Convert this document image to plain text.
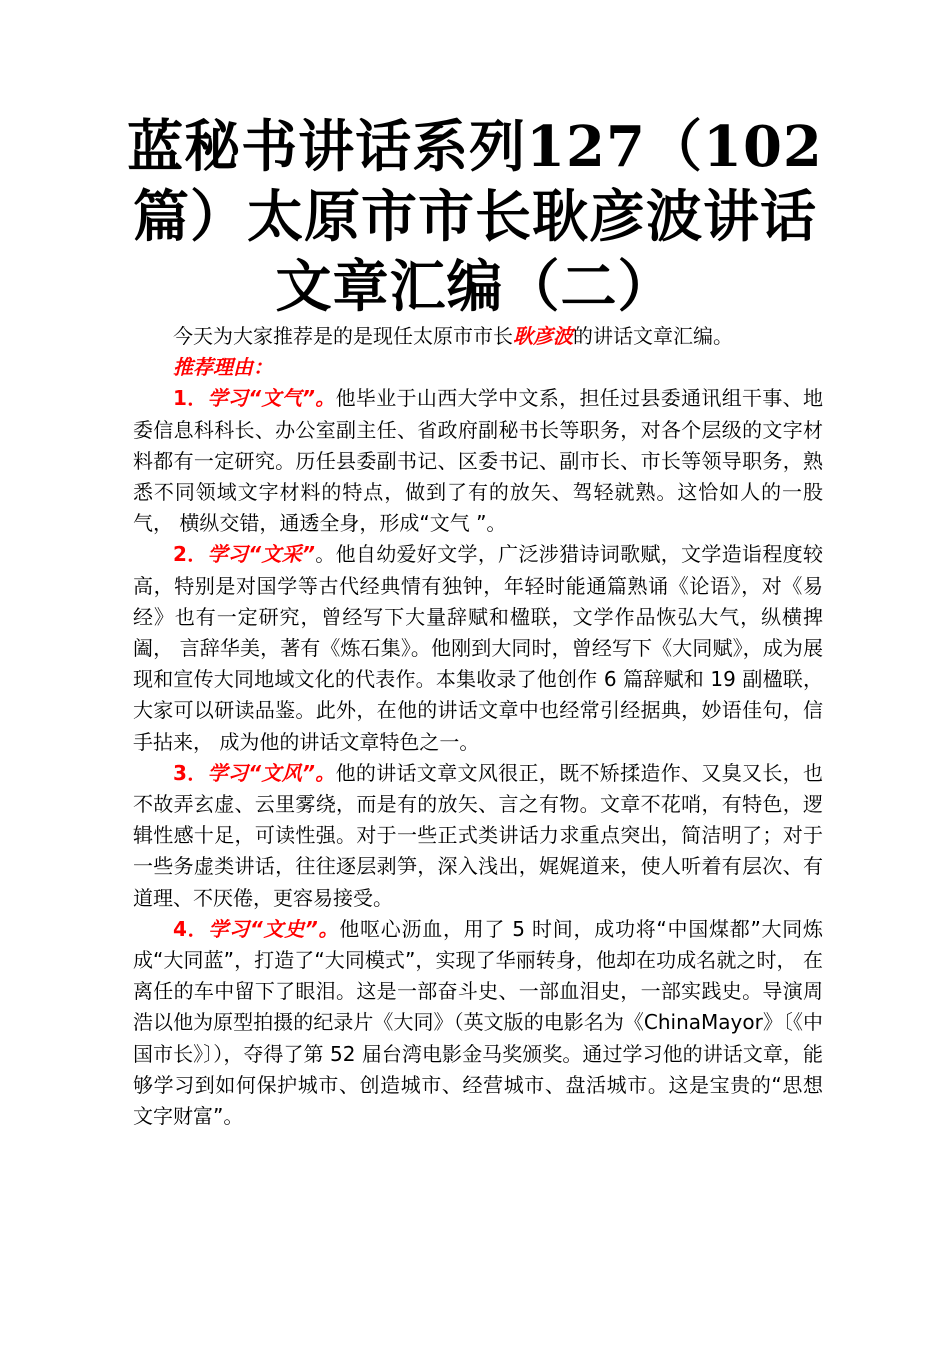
蓝秘书讲话系列127（102
篇）太原市市长耿彦波讲话
文章汇编（二）

今天为大家推荐是的是现任太原市市长耿彦波的讲话文章汇编。

推荐理由：

1．学习“文气”。他毕业于山西大学中文系，担任过县委通讯组干事、地委信息科科长、办公室副主任、省政府副秘书长等职务，对各个层级的文字材料都有一定研究。历任县委副书记、区委书记、副市长、市长等领导职务，熟悉不同领域文字材料的特点，做到了有的放矢、驾轻就熟。这恰如人的一股气， 横纵交错，通透全身，形成“文气 ”。

2．学习“文采”。他自幼爱好文学，广泛涉猎诗词歌赋，文学造诣程度较高，特别是对国学等古代经典情有独钟，年轻时能通篇熟诵《论语》，对《易经》也有一定研究，曾经写下大量辞赋和楹联，文学作品恢弘大气，纵横捭阖， 言辞华美，著有《炼石集》。他刚到大同时，曾经写下《大同赋》，成为展现和宣传大同地域文化的代表作。本集收录了他创作 6 篇辞赋和 19 副楹联，大家可以研读品鉴。此外，在他的讲话文章中也经常引经据典，妙语佳句，信手拈来， 成为他的讲话文章特色之一。

3．学习“文风”。他的讲话文章文风很正，既不矫揉造作、又臭又长，也不故弄玄虚、云里雾绕，而是有的放矢、言之有物。文章不花哨，有特色，逻辑性感十足，可读性强。对于一些正式类讲话力求重点突出，简洁明了；对于一些务虚类讲话，往往逐层剥笋，深入浅出，娓娓道来，使人听着有层次、有道理、不厌倦，更容易接受。

4．学习“文史”。他呕心沥血，用了 5 时间，成功将“中国煤都”大同炼成“大同蓝”，打造了“大同模式”，实现了华丽转身，他却在功成名就之时， 在离任的车中留下了眼泪。这是一部奋斗史、一部血泪史，一部实践史。导演周浩以他为原型拍摄的纪录片《大同》（英文版的电影名为《ChinaMayor》〔《中国市长》〕），夺得了第 52 届台湾电影金马奖颁奖。通过学习他的讲话文章，能够学习到如何保护城市、创造城市、经营城市、盘活城市。这是宝贵的“思想文字财富”。
